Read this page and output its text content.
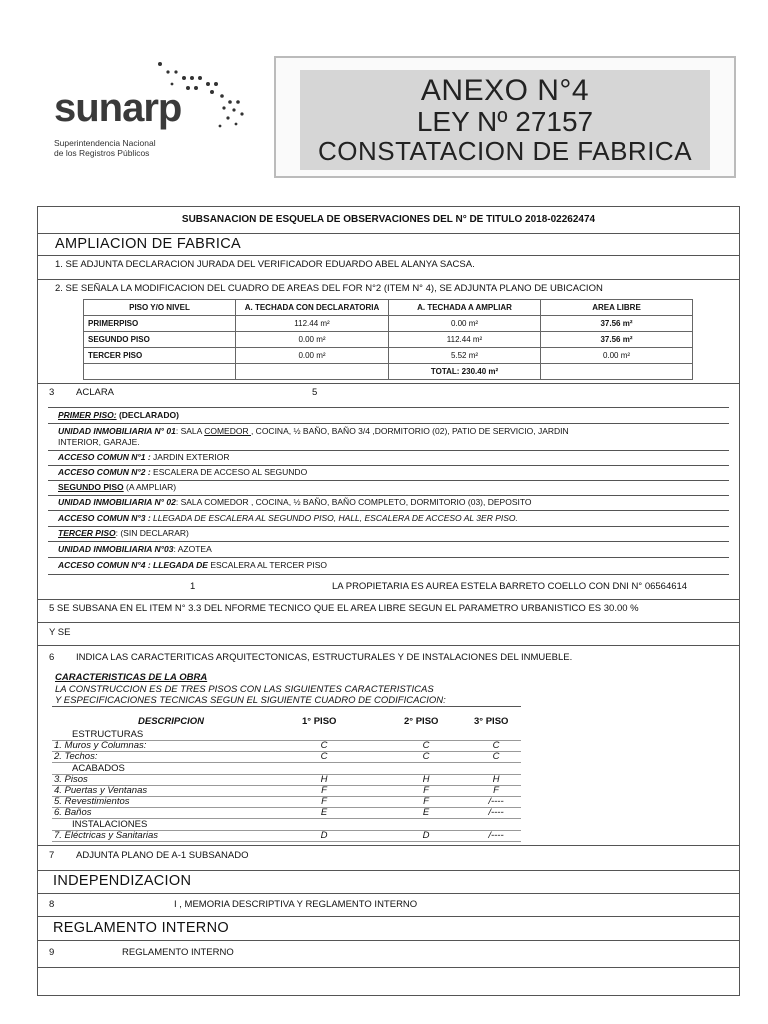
sunarp
Superintendencia Nacional
de los Registros Públicos
ANEXO N°4
LEY Nº 27157
CONSTATACION DE FABRICA
SUBSANACION DE ESQUELA DE OBSERVACIONES DEL N° DE TITULO 2018-02262474
AMPLIACION DE FABRICA
1. SE ADJUNTA DECLARACION JURADA DEL VERIFICADOR EDUARDO ABEL ALANYA SACSA.
2. SE SEÑALA LA MODIFICACION DEL CUADRO DE AREAS DEL FOR N°2 (ITEM N° 4), SE ADJUNTA PLANO DE UBICACION
PISO Y/O NIVEL	A. TECHADA CON DECLARATORIA	A. TECHADA A AMPLIAR	AREA LIBRE
PRIMERPISO	112.44 m²	0.00 m²	37.56 m²
SEGUNDO PISO	0.00 m²	112.44 m²	37.56 m²
TERCER PISO	0.00 m²	5.52 m²	0.00 m²
		TOTAL: 230.40 m²	
3 ACLARA	5
PRIMER PISO: (DECLARADO)
UNIDAD INMOBILIARIA N° 01: SALA COMEDOR , COCINA, ½ BAÑO, BAÑO 3/4 ,DORMITORIO (02), PATIO DE SERVICIO, JARDIN
INTERIOR, GARAJE.
ACCESO COMUN N°1 : JARDIN EXTERIOR
ACCESO COMUN N°2 : ESCALERA DE ACCESO AL SEGUNDO
SEGUNDO PISO (A AMPLIAR)
UNIDAD INMOBILIARIA N° 02: SALA COMEDOR , COCINA, ½ BAÑO, BAÑO COMPLETO, DORMITORIO (03), DEPOSITO
ACCESO COMUN N°3 : LLEGADA DE ESCALERA AL SEGUNDO PISO, HALL, ESCALERA DE ACCESO AL 3ER PISO.
TERCER PISO: (SIN DECLARAR)
UNIDAD INMOBILIARIA N°03: AZOTEA
ACCESO COMUN N°4 : LLEGADA DE ESCALERA AL TERCER PISO
1	LA PROPIETARIA ES AUREA ESTELA BARRETO COELLO CON DNI N° 06564614
5 SE SUBSANA EN EL ITEM N° 3.3 DEL NFORME TECNICO QUE EL AREA LIBRE SEGUN EL PARAMETRO URBANISTICO ES 30.00 %
Y SE
6 INDICA LAS CARACTERITICAS ARQUITECTONICAS, ESTRUCTURALES Y DE INSTALACIONES DEL INMUEBLE.
CARACTERISTICAS DE LA OBRA
LA CONSTRUCCION ES DE TRES PISOS CON LAS SIGUIENTES CARACTERISTICAS
Y ESPECIFICACIONES TECNICAS SEGUN EL SIGUIENTE CUADRO DE CODIFICACION:
DESCRIPCION	1° PISO	2° PISO	3° PISO
ESTRUCTURAS
1. Muros y Columnas:	C	C	C
2. Techos:	C	C	C
ACABADOS
3. Pisos	H	H	H
4. Puertas y Ventanas	F	F	F
5. Revestimientos	F	F	/----
6. Baños	E	E	/----
INSTALACIONES
7. Eléctricas y Sanitarias	D	D	/----
7 ADJUNTA PLANO DE A-1 SUBSANADO
INDEPENDIZACION
8	I , MEMORIA DESCRIPTIVA Y REGLAMENTO INTERNO
REGLAMENTO INTERNO
9	REGLAMENTO INTERNO
